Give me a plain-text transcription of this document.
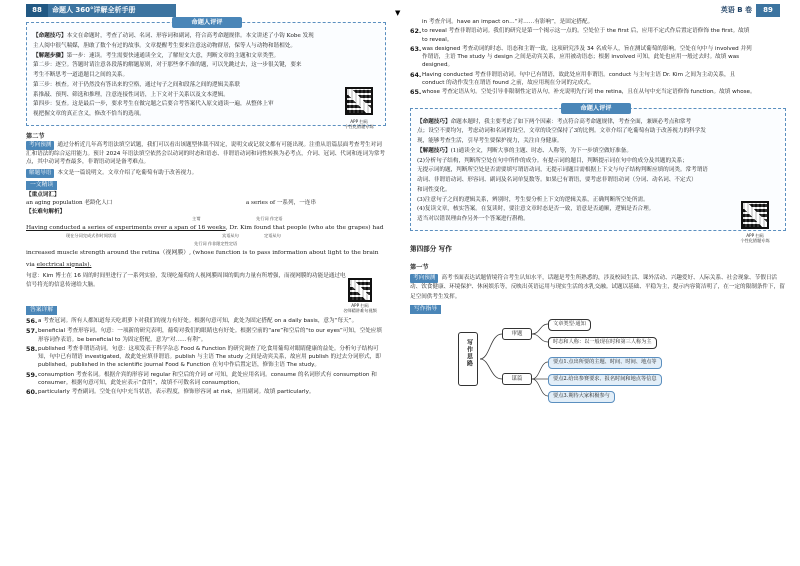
88 命题人 360°详解全析手册	▼	英语 B 卷 89
命题人评评

【命题技巧】本文在命题时，考查了动词、名词、形容词和副词，符合高考命题规律。本文讲述了小钩 Kobe 发现

主人阅中很气喘媒，胆敢了数个有过的故事。文章提醒考生要来注意这动物群居，保等人与动物和谐相处。

【解题步骤】第一步：速读。考生需要快速通读全文，了解短文大意，判断文章的主题和文章类型。

第二步：逐空。答题时请注意各段落的解题原则，对于那些拿不准的题，可以先跳过去，这一步很关键，要来

考生不断思考一道道题目之间的关系。

第三步：核查。对于仍然没有答出来的空格，通过句子之间和段落之间的逻辑关系联

系推敲、预判、筛选和推理，注意连接性词语，上下文对于关系以及文本逻辑。

第四步：复查。这是最后一步，要求考生在做完题之后要合考答案代入原文通读一遍，从整体上审

视把握文章的真正含义，修改不恰当的选项。

APP 扫码
个性化错题专练
第二节
考向预测 通过分析近几年高考语法填空试题，我们可以看出该题型体裁不固定，说明文或记叙文都有可能出现。注重从语篇层面考查考生对词汇和语法的综合运用能力。预计 2024 年语法填空依然会以动词的时态和语态、非谓语动词和词性转换为必考点，介词、冠词、代词和连词为常考点，其中动词考查最多，非谓语动词是备考难点。
解题导语 本文是一篇说明文。文章介绍了吃葡萄有助于改善视力。
一文精读
【重点词汇】
an aging population 老龄化人口	a series of 一系列，一连串
【长难句解析】
主谓	先行词 作定语
Having conducted a series of experiments over a span of 16 weeks, Dr. Kim found that people (who ate the grapes) had
现在分词完成式作时间状语	宾语从句	定语从句
先行词 作非限定性定语
increased muscle strength around the retina（视网膜）, (whose function is to pass information about light to the brain via electrical signals).
句意：Kim 博士在 16 周的时间里进行了一系列实验，发现吃葡萄的人视网膜周围的肌肉力量有所增强，而视网膜的功能是通过电信号将光的信息传递给大脑。
APP 扫码
名师精讲难句视频
答案详解
56. a 考查冠词。所有人都知道每天吃胡萝卜对我们的视力有好处。根据句意可知，此处为固定搭配 on a daily basis，意为“每天”。
57. beneficial 考查形容词。句意：一项新的研究表明，葡萄对我们的眼睛也有好处。根据空前的“are”和空后的“to our eyes”可知，空处应填形容词作表语。be beneficial to 为固定搭配，意为“对……有利”。
58. published 考查非谓语动词。句意：这项发表于科学杂志 Food & Function 的研究调查了吃食用葡萄对眼睛健康的益处。分析句子结构可知，句中已有谓语 investigated，故此处应填非谓语。publish 与主语 The study 之间是动宾关系，故应用 publish 的过去分词形式，即 published。published in the scientific journal Food & Function 在句中作后置定语，修饰主语 The study。
59. consumption 考查名词。根据介宾的形容词 regular 和空后的介词 of 可知，此处应用名词。consume 的名词形式有 consumption 和 consumer。根据句意可知，此处应表示“食用”，故填不可数名词 consumption。
60. particularly 考查副词。空处在句中充当状语，表示程度，修饰形容词 at risk，应用副词。故填 particularly。
in 考查介词。have an impact on…“对……有影响”，是固定搭配。
62. to reveal 考查非谓语动词。我们的研究是第一个揭示这一点的。空处位于 the first 后，应用不定式作后置定语修饰 the first。故填 to reveal。
63. was designed 考查动词的时态、语态和主谓一致。这项研究涉及 34 名成年人，旨在测试葡萄的影响。空处在句中与 involved 并列作谓语，主语 The study 与 design 之间是动宾关系，应用被动语态；根据 involved 可知，此处也应用一般过去时。故填 was designed。
64. Having conducted 考查非谓语动词。句中已有谓语，故此处应用非谓语。conduct 与主句主语 Dr. Kim 之间为主动关系，且 conduct 的动作发生在谓语 found 之前，故应用现在分词的完成式。
65. whose 考查定语从句。空处引导非限制性定语从句，补充说明先行词 the retina，且在从句中充当定语修饰 function。故填 whose。
命题人评评

【命题技巧】命题本题时，我主要考虑了如下两个因素：考点符合高考命题规律，考查全面，兼顾必考点和常考

点；设空不要均匀，考虑动词和名词的设空，文章的设空保持了3的比例。文章介绍了吃葡萄有助于改善视力的科学发

现，能够考查生活，引导考生要保护视力，关注自身健康。

【解题技巧】(1)通读全文，判断大事的主题、时态、人称等，为下一步填空做好准备。

(2)分析句子结构，判断所空处在句中所作的成分。有提示词的题目，判断提示词在句中的成分及其题的关系；

无提示词的题，判断所空处是否需要填写谓语动词，无提示词题目需根据上下文与句子结构判断应填的词类。常考谓语

动词、非谓语动词、形容词、副词及名词单复数等。如果已有谓语，要考虑非谓语动词（分词、动名词、不定式）

和词性变化。

(3)注意句子之间的逻辑关系，辨别时，考生要分析上下文的逻辑关系，正确判断所空处所需。

(4)复读文章，核实答案。在复读时，要注意文章时态是否一致，语意是否通顺，逻辑是否合理。

适当对以错误理由作另外一个答案进行斟酌。

APP 扫码
个性化错题专练
第四部分 写作
第一节
考向预测 高考书面表达试题情境符合考生认知水平，话题是考生所熟悉的，涉及校园生活、课外活动、兴趣爱好、人际关系、社会现象、节假日活动、饮食健康、环境保护、休闲娱乐等，反映出英语运用与现实生活的水乳交融。试题以基础、平稳为主，提示内容简洁明了，在一定的限制条件下，留足空间供考生发挥。
写作指导
写作思路
审题
谋篇
文章类型·通知
时态和人称：以一般现在时和第三人称为主
要点1.点出所要的主题、时间、时间、地点等
要点2.给出参赛要求、报名时间和地点等信息
要点3.期待大家积极参与
